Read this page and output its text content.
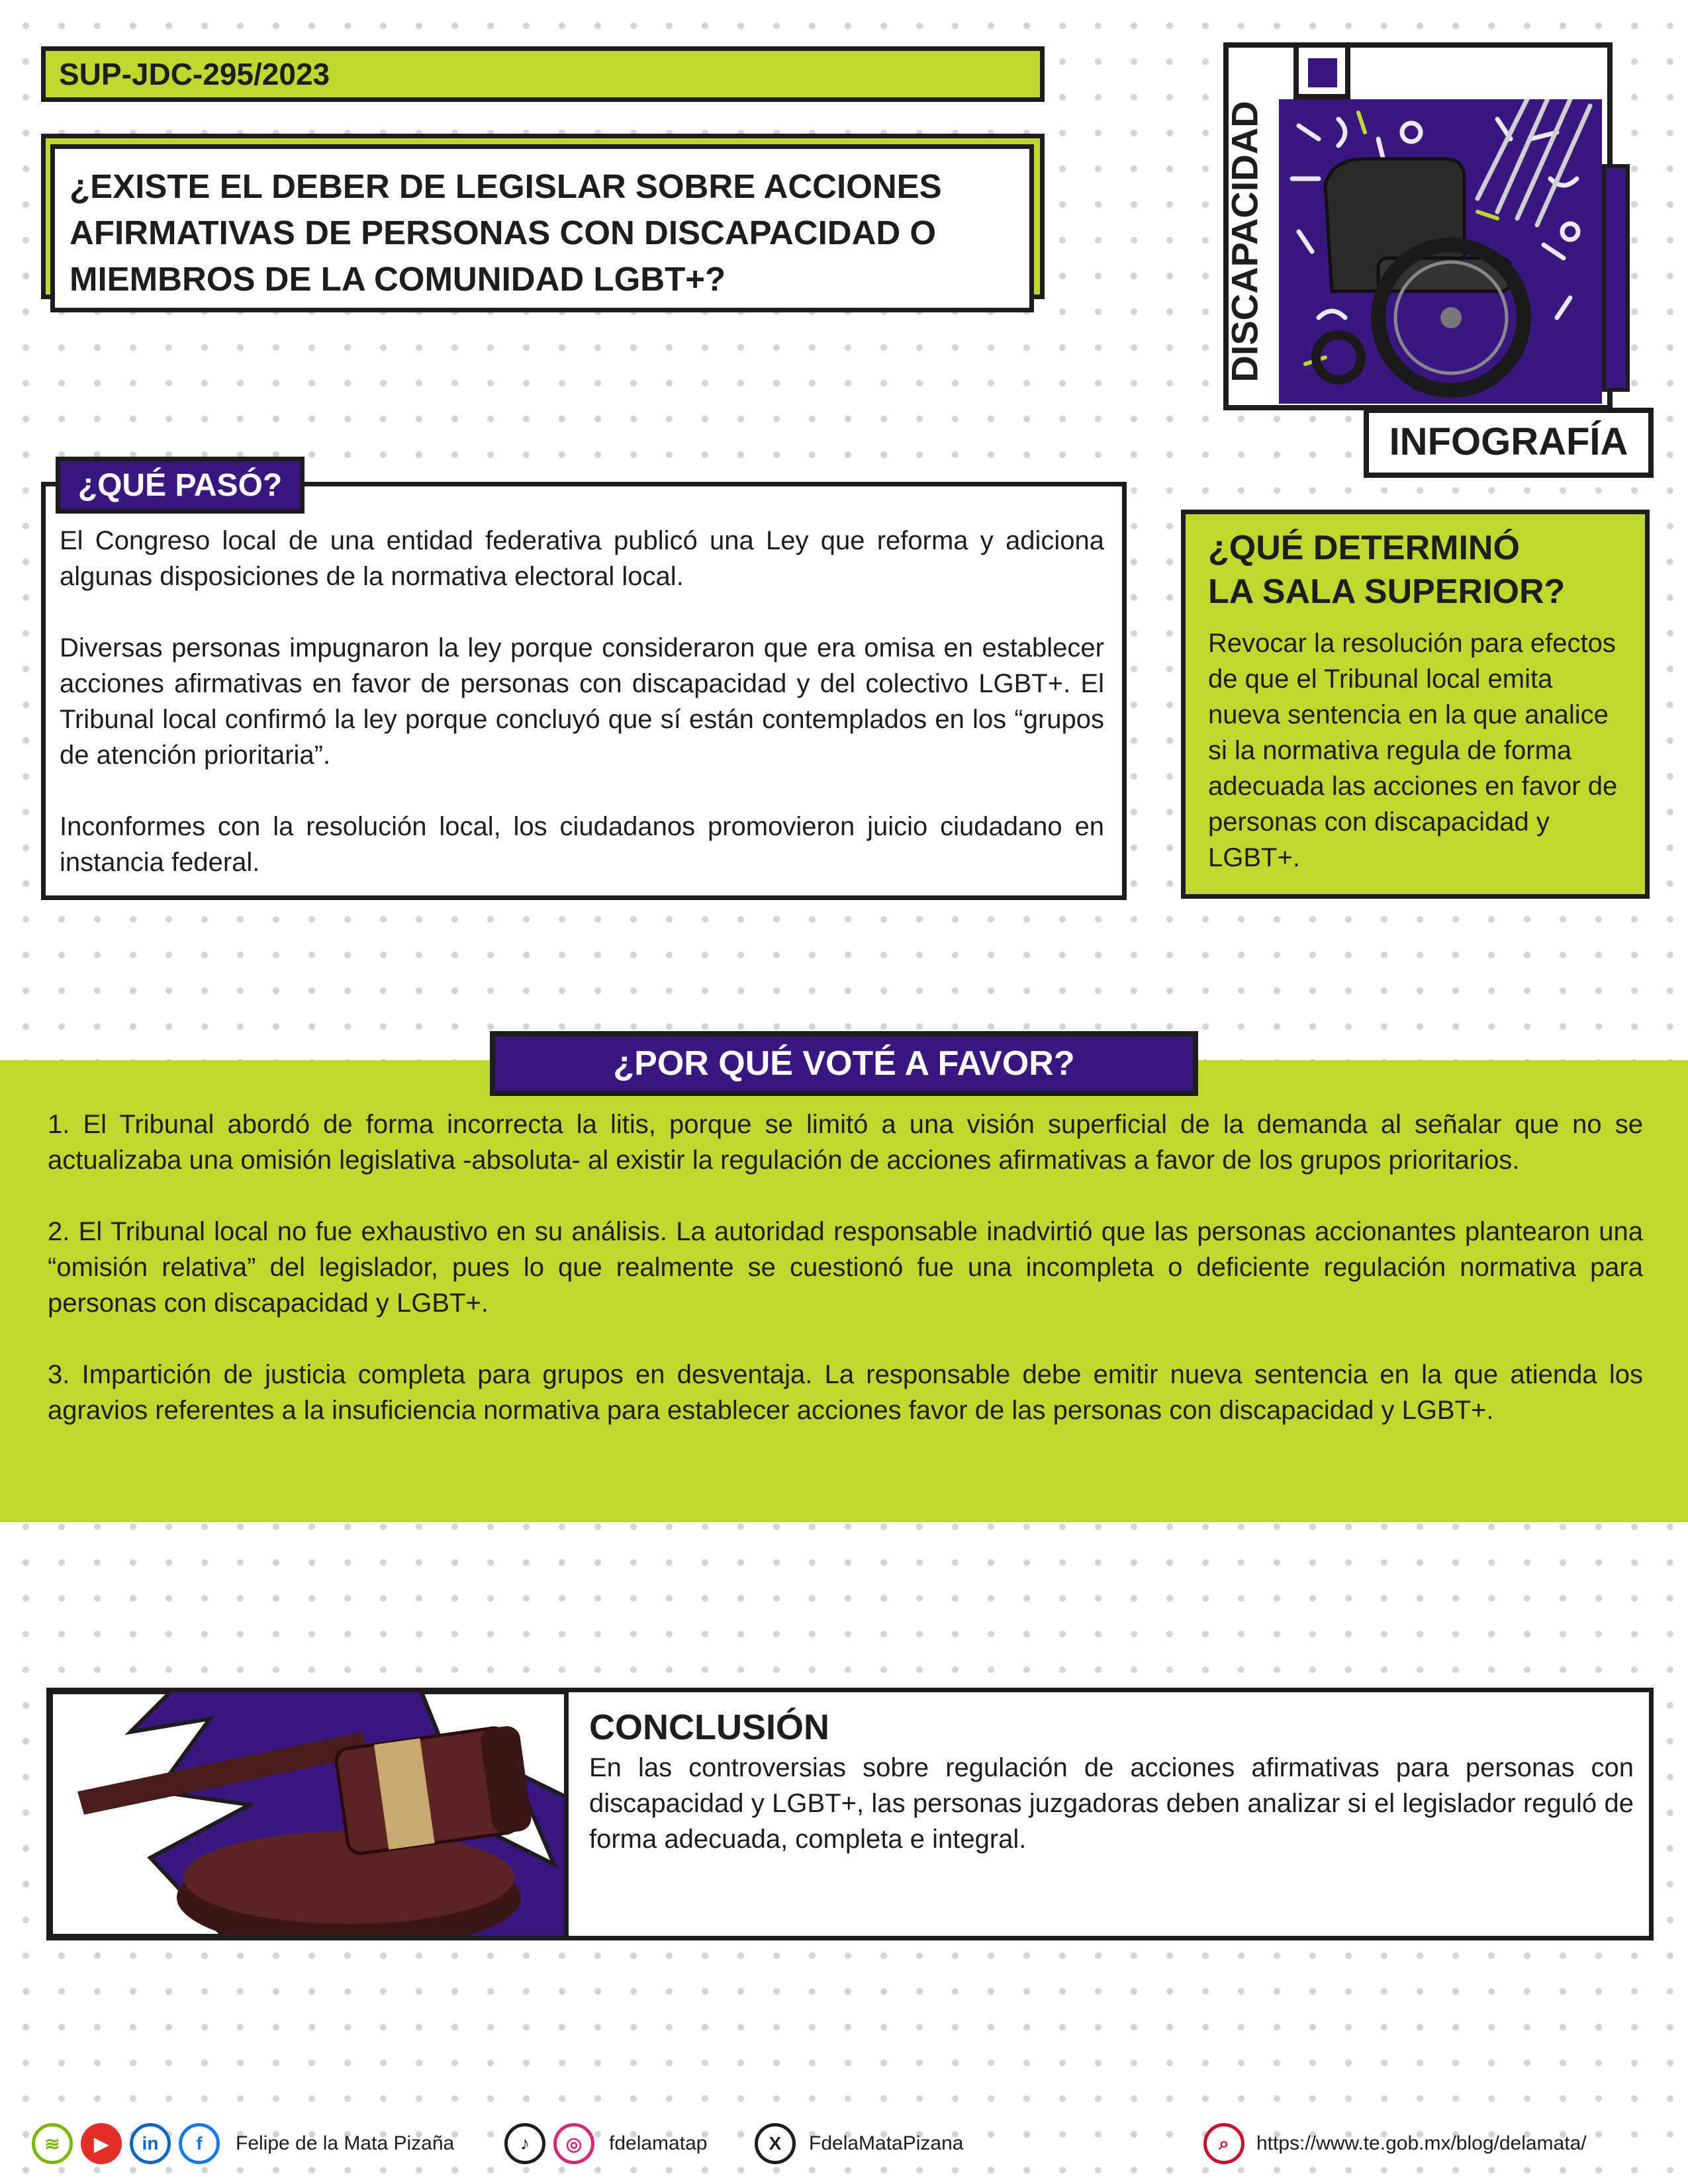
SUP-JDC-295/2023
¿EXISTE EL DEBER DE LEGISLAR SOBRE ACCIONES
AFIRMATIVAS DE PERSONAS CON DISCAPACIDAD O
MIEMBROS DE LA COMUNIDAD LGBT+?	DISCAPACIDAD
INFOGRAFÍA
¿QUÉ PASÓ?

El Congreso local de una entidad federativa publicó una Ley que reforma y adiciona algunas disposiciones de la normativa electoral local.

Diversas personas impugnaron la ley porque consideraron que era omisa en establecer acciones afirmativas en favor de personas con discapacidad y del colectivo LGBT+. El Tribunal local confirmó la ley porque concluyó que sí están contemplados en los “grupos de atención prioritaria”.

Inconformes con la resolución local, los ciudadanos promovieron juicio ciudadano en instancia federal.

¿QUÉ DETERMINÓ
LA SALA SUPERIOR?

Revocar la resolución para efectos de que el Tribunal local emita nueva sentencia en la que analice si la normativa regula de forma adecuada las acciones en favor de personas con discapacidad y LGBT+.

¿POR QUÉ VOTÉ A FAVOR?

1. El Tribunal abordó de forma incorrecta la litis, porque se limitó a una visión superficial de la demanda al señalar que no se actualizaba una omisión legislativa -absoluta- al existir la regulación de acciones afirmativas a favor de los grupos prioritarios.

2. El Tribunal local no fue exhaustivo en su análisis. La autoridad responsable inadvirtió que las personas accionantes plantearon una “omisión relativa” del legislador, pues lo que realmente se cuestionó fue una incompleta o deficiente regulación normativa para personas con discapacidad y LGBT+.

3. Impartición de justicia completa para grupos en desventaja. La responsable debe emitir nueva sentencia en la que atienda los agravios referentes a la insuficiencia normativa para establecer acciones favor de las personas con discapacidad y LGBT+.

CONCLUSIÓN

En las controversias sobre regulación de acciones afirmativas para personas con discapacidad y LGBT+, las personas juzgadoras deben analizar si el legislador reguló de forma adecuada, completa e integral.

≋	▶	in	f	Felipe de la Mata Pizaña	♪	◎	fdelamatap	X	FdelaMataPizana	⌕	https://www.te.gob.mx/blog/delamata/
